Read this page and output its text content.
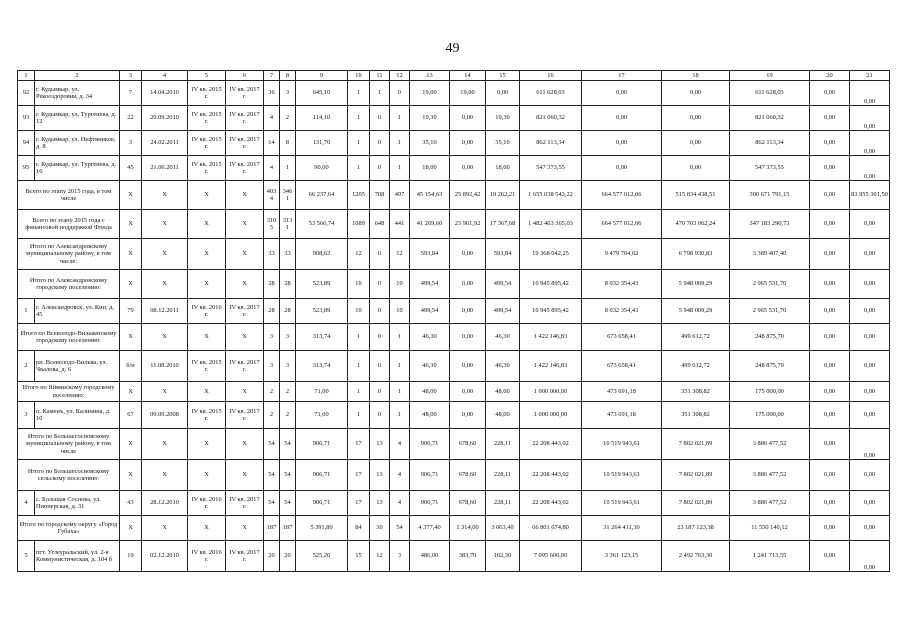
49
1	2	3	4	5	6	7	8	9	10	11	12	13	14	15	16	17	18	19	20	21
92	г. Кудымкар, ул. Рекооздоровия, д. 34	7	14.04.2010	IV кв. 2015 г.	IV кв. 2017 г.	36	3	645,10	1	1	0	19,00	19,00	0,00	611 628,03	0,00	0,00	611 628,03	0,00	0,00
93	г. Кудымкар, ул. Тургенева, д. 12	22	20.09.2010	IV кв. 2015 г.	IV кв. 2017 г.	4	2	114,10	1	0	1	19,30	0,00	19,30	821 060,32	0,00	0,00	821 060,32	0,00	0,00
94	г. Кудымкар, ул. Нефтяников, д. 8	3	24.02.2011	IV кв. 2015 г.	IV кв. 2017 г.	14	8	131,70	1	0	1	35,10	0,00	35,10	862 113,34	0,00	0,00	862 113,34	0,00	0,00
95	г. Кудымкар, ул. Тургенева, д. 16	45	21.06.2011	IV кв. 2015 г.	IV кв. 2017 г.	4	1	90,00	1	0	1	18,00	0,00	18,00	547 373,55	0,00	0,00	547 373,55	0,00	0,00
Всего по этапу 2015 года, в том числе		X	X	X	X	403 4	346 1	66 237,64	1205	708	497	45 154,63	25 892,42	19 262,21	1 655 038 543,22	664 577 012,06	515 834 438,51	390 671 791,15	0,00	83 955 301,50
Всего по этапу 2015 года с финансовой поддержкой Фонда		X	X	X	X	310 5	313 1	53 566,74	1089	648	441	41 269,60	23 901,92	17 367,68	1 482 463 365,03	664 577 012,06	470 703 062,24	347 183 290,73	0,00	0,00
Итого по Александровскому муниципальному району, в том числе:		X	X	X	X	33	33	908,63	12	0	12	593,84	0,00	593,84	19 368 042,25	9 479 704,02	6 798 930,83	3 389 407,40	0,00	0,00
Итого по Александровскому городскому поселению:		X	X	X	X	28	28	523,89	10	0	10	499,54	0,00	499,54	16 945 895,42	8 032 354,43	5 948 009,29	2 965 531,70	0,00	0,00
1	г. Александровск, ул. Кин, д. 45	79	08.12.2011	IV кв. 2016 г.	IV кв. 2017 г.	28	28	523,89	10	0	10	499,54	0,00	499,54	16 945 895,42	8 032 354,43	5 948 009,29	2 965 531,70	0,00	0,00
Итого по Всеволодо-Вильвенскому городскому поселению:		X	X	X	X	3	3	313,74	1	0	1	46,30	0,00	46,30	1 422 146,83	673 658,41	499 612,72	248 875,70	0,00	0,00
2	рп. Всеволодо-Вильва, ул. Чкалова, д. 6	б/н	11.08.2010	IV кв. 2015 г.	IV кв. 2017 г.	3	3	313,74	1	0	1	46,30	0,00	46,30	1 422 146,83	673 658,41	499 612,72	248 875,70	0,00	0,00
Итого по Яйвинскому городскому поселению:		X	X	X	X	2	2	71,00	1	0	1	48,00	0,00	48,00	1 000 000,00	473 691,18	351 308,82	175 000,00	0,00	0,00
3	п. Каменъ, ул. Калинина, д. 10	67	09.09.2008	IV кв. 2015 г.	IV кв. 2017 г.	2	2	71,00	1	0	1	48,00	0,00	48,00	1 000 000,00	473 691,18	351 308,82	175 000,00	0,00	0,00
Итого по Большесосновскому муниципальному району, в том числе		X	X	X	X	54	54	906,71	17	13	4	906,71	678,60	228,11	22 208 443,02	10 519 943,61	7 802 021,89	3 886 477,52	0,00	0,00
Итого по Большесосновскому сельскому поселению:		X	X	X	X	54	54	906,71	17	13	4	906,71	678,60	228,11	22 208 443,02	10 519 943,61	7 802 021,89	3 886 477,52	0,00	0,00
4	с. Большая Соснова, ул. Пионерская, д. 31	43	28.12.2010	IV кв. 2016 г.	IV кв. 2017 г.	54	54	906,71	17	13	4	906,71	678,60	228,11	22 208 443,02	10 519 943,61	7 802 021,89	3 886 477,52	0,00	0,00
Итого по городскому округу «Город Губаха»		X	X	X	X	187	187	5 391,80	84	30	54	4 377,40	1 314,00	3 063,40	66 801 674,80	31 264 411,30	23 187 123,38	11 550 140,12	0,00	0,00
5	пгт. Углеуральский, ул. 2-я Коммунистическая, д. 104 б	19	02.12.2010	IV кв. 2016 г.	IV кв. 2017 г.	20	20	525,20	15	12	3	486,00	383,70	102,30	7 095 600,00	3 361 123,15	2 492 763,30	1 241 713,55	0,00	0,00
